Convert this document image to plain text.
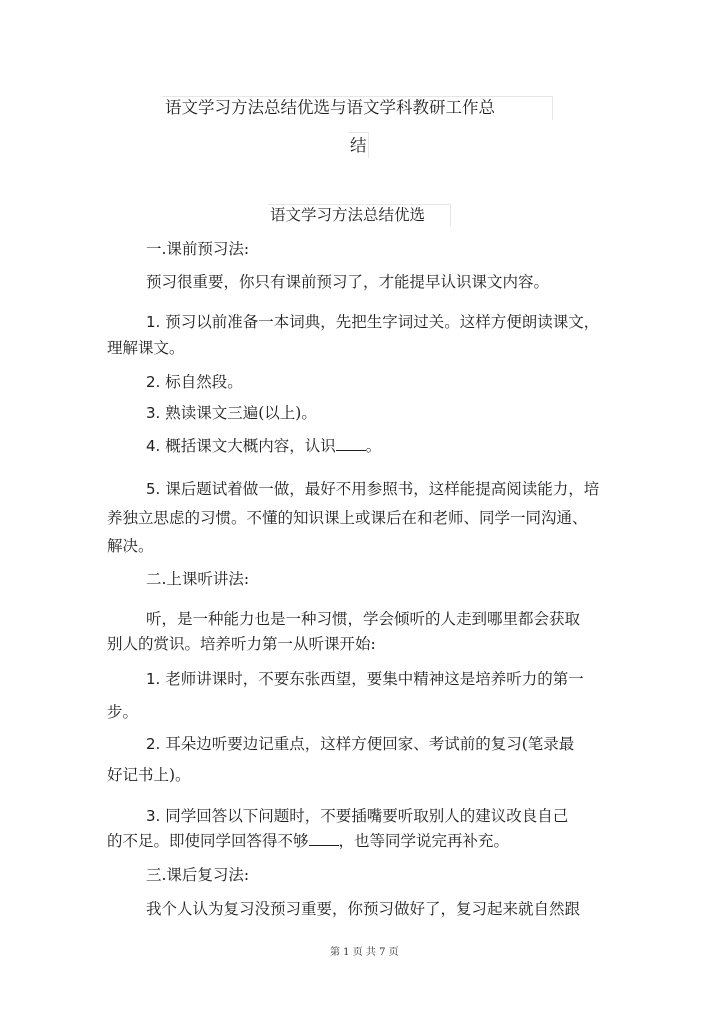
语文学习方法总结优选与语文学科教研工作总
结
语文学习方法总结优选
一.课前预习法:
预习很重要，你只有课前预习了，才能提早认识课文内容。
1. 预习以前准备一本词典，先把生字词过关。这样方便朗读课文，
理解课文。
2. 标自然段。
3. 熟读课文三遍(以上)。
4. 概括课文大概内容，认识 。
5. 课后题试着做一做，最好不用参照书，这样能提高阅读能力，培
养独立思虑的习惯。不懂的知识课上或课后在和老师、同学一同沟通、
解决。
二.上课听讲法:
听，是一种能力也是一种习惯，学会倾听的人走到哪里都会获取
别人的赏识。培养听力第一从听课开始:
1. 老师讲课时，不要东张西望，要集中精神这是培养听力的第一
步。
2. 耳朵边听要边记重点，这样方便回家、考试前的复习(笔录最
好记书上)。
3. 同学回答以下问题时，不要插嘴要听取别人的建议改良自己
的不足。即使同学回答得不够 ，也等同学说完再补充。
三.课后复习法:
我个人认为复习没预习重要，你预习做好了，复习起来就自然跟
第 1 页 共 7 页
